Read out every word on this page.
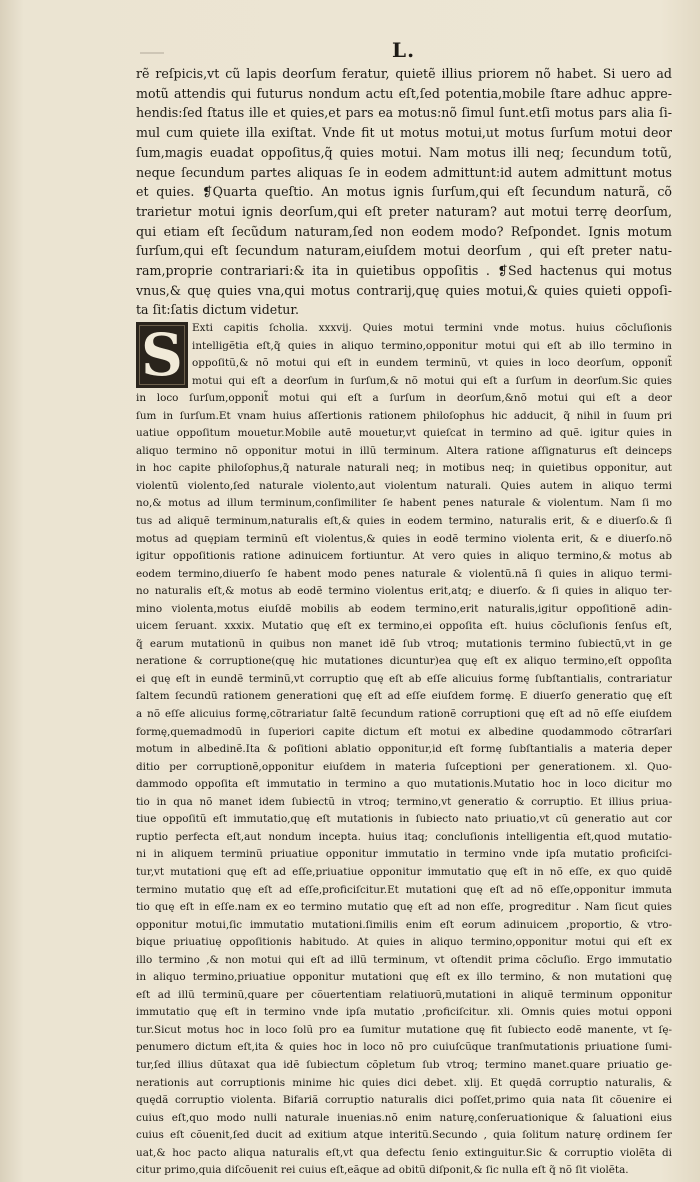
L.
rẽ reſpicis,vt cũ lapis deorſum feratur, quietẽ illius priorem nõ habet. Si uero ad
motũ attendis qui futurus nondum actu eſt,ſed potentia,mobile ſtare adhuc appre-
hendis:ſed ſtatus ille et quies,et pars ea motus:nõ ſimul ſunt.etſi motus pars alia ſi-
mul cum quiete illa exiſtat. Vnde fit ut motus motui,ut motus ſurſum motui deor
ſum,magis euadat oppoſitus,q̃ quies motui. Nam motus illi neq; ſecundum totũ,
neque ſecundum partes aliquas ſe in eodem admittunt:id autem admittunt motus
et quies. ❡Quarta queſtio. An motus ignis ſurſum,qui eſt ſecundum naturã, cõ
trarietur motui ignis deorſum,qui eſt preter naturam? aut motui terrę deorſum,
qui etiam eſt ſecũdum naturam,ſed non eodem modo? Reſpondet. Ignis motum
ſurſum,qui eſt ſecundum naturam,eiuſdem motui deorſum , qui eſt preter natu-
ram,proprie contrariari:& ita in quietibus oppoſitis . ❡Sed hactenus qui motus
vnus,& quę quies vna,qui motus contrarij,quę quies motui,& quies quieti oppoſi-
ta ſit:ſatis dictum videtur.
S Exti capitis ſcholia. xxxvij. Quies motui termini vnde motus. huius cõcluſionis
intelligẽtia eſt,q̃ quies in aliquo termino,opponitur motui qui eſt ab illo termino in
oppoſitũ,& nõ motui qui eſt in eundem terminũ, vt quies in loco deorſum, opponit̃
motui qui eſt a deorſum in ſurſum,& nõ motui qui eſt a ſurſum in deorſum.Sic quies
in loco ſurſum,opponit̃ motui qui eſt a ſurſum in deorſum,&nõ motui qui eſt a deor
ſum in ſurſum.Et vnam huius aſſertionis rationem philoſophus hic adducit, q̃ nihil in ſuum pri
uatiue oppoſitum mouetur.Mobile autẽ mouetur,vt quieſcat in termino ad quẽ. igitur quies in
aliquo termino nõ opponitur motui in illũ terminum. Altera ratione aſſignaturus eſt deinceps
in hoc capite philoſophus,q̃ naturale naturali neq; in motibus neq; in quietibus opponitur, aut
violentũ violento,ſed naturale violento,aut violentum naturali. Quies autem in aliquo termi
no,& motus ad illum terminum,conſimiliter ſe habent penes naturale & violentum. Nam ſi mo
tus ad aliquẽ terminum,naturalis eſt,& quies in eodem termino, naturalis erit, & e diuerſo.& ſi
motus ad quępiam terminũ eſt violentus,& quies in eodẽ termino violenta erit, & e diuerſo.nõ
igitur oppoſitionis ratione adinuicem fortiuntur. At vero quies in aliquo termino,& motus ab
eodem termino,diuerſo ſe habent modo penes naturale & violentũ.nã ſi quies in aliquo termi-
no naturalis eſt,& motus ab eodẽ termino violentus erit,atq; e diuerſo. & ſi quies in aliquo ter-
mino violenta,motus eiuſdẽ mobilis ab eodem termino,erit naturalis,igitur oppoſitionẽ adin-
uicem ſeruant. xxxix. Mutatio quę eſt ex termino,ei oppoſita eſt. huius cõcluſionis ſenſus eſt,
q̃ earum mutationũ in quibus non manet idẽ ſub vtroq; mutationis termino ſubiectũ,vt in ge
neratione & corruptione(quę hic mutationes dicuntur)ea quę eſt ex aliquo termino,eſt oppoſita
ei quę eſt in eundẽ terminũ,vt corruptio quę eſt ab eſſe alicuius formę ſubſtantialis, contrariatur
ſaltem ſecundũ rationem generationi quę eſt ad eſſe eiuſdem formę. E diuerſo generatio quę eſt
a nõ eſſe alicuius formę,cõtrariatur ſaltẽ ſecundum rationẽ corruptioni quę eſt ad nõ eſſe eiuſdem
formę,quemadmodũ in ſuperiori capite dictum eſt motui ex albedine quodammodo cõtrarſari
motum in albedinẽ.Ita & poſitioni ablatio opponitur,id eſt formę ſubſtantialis a materia deper
ditio per corruptionẽ,opponitur eiuſdem in materia ſuſceptioni per generationem. xl. Quo-
dammodo oppoſita eſt immutatio in termino a quo mutationis.Mutatio hoc in loco dicitur mo
tio in qua nõ manet idem ſubiectũ in vtroq; termino,vt generatio & corruptio. Et illius priua-
tiue oppoſitũ eſt immutatio,quę eſt mutationis in ſubiecto nato priuatio,vt cũ generatio aut cor
ruptio perfecta eſt,aut nondum incepta. huius itaq; concluſionis intelligentia eſt,quod mutatio-
ni in aliquem terminũ priuatiue opponitur immutatio in termino vnde ipſa mutatio proficiſci-
tur,vt mutationi quę eſt ad eſſe,priuatiue opponitur immutatio quę eſt in nõ eſſe, ex quo quidẽ
termino mutatio quę eſt ad eſſe,proficiſcitur.Et mutationi quę eſt ad nõ eſſe,opponitur immuta
tio quę eſt in eſſe.nam ex eo termino mutatio quę eſt ad non eſſe, progreditur . Nam ſicut quies
opponitur motui,ſic immutatio mutationi.ſimilis enim eſt eorum adinuicem ,proportio, & vtro-
bique priuatiuę oppoſitionis habitudo. At quies in aliquo termino,opponitur motui qui eſt ex
illo termino ,& non motui qui eſt ad illũ terminum, vt oſtendit prima cõcluſio. Ergo immutatio
in aliquo termino,priuatiue opponitur mutationi quę eſt ex illo termino, & non mutationi quę
eſt ad illũ terminũ,quare per cõuertentiam relatiuorũ,mutationi in aliquẽ terminum opponitur
immutatio quę eſt in termino vnde ipſa mutatio ,proficiſcitur. xli. Omnis quies motui opponi
tur.Sicut motus hoc in loco ſolũ pro ea ſumitur mutatione quę fit ſubiecto eodẽ manente, vt ſę-
penumero dictum eſt,ita & quies hoc in loco nõ pro cuiuſcũque tranſmutationis priuatione ſumi-
tur,ſed illius dũtaxat qua idẽ ſubiectum cõpletum ſub vtroq; termino manet.quare priuatio ge-
nerationis aut corruptionis minime hic quies dici debet. xlij. Et quędã corruptio naturalis, &
quędã corruptio violenta. Bifariã corruptio naturalis dici poſſet,primo quia nata ſit cõuenire ei
cuius eſt,quo modo nulli naturale inuenias.nõ enim naturę,conſeruationique & ſaluationi eius
cuius eſt cõuenit,ſed ducit ad exitium atque interitũ.Secundo , quia ſolitum naturę ordinem ſer
uat,& hoc pacto aliqua naturalis eſt,vt qua defectu ſenio extinguitur.Sic & corruptio violẽta di
citur primo,quia diſcõuenit rei cuius eſt,eãque ad obitũ diſponit,& ſic nulla eſt q̃ nõ ſit violẽta.
